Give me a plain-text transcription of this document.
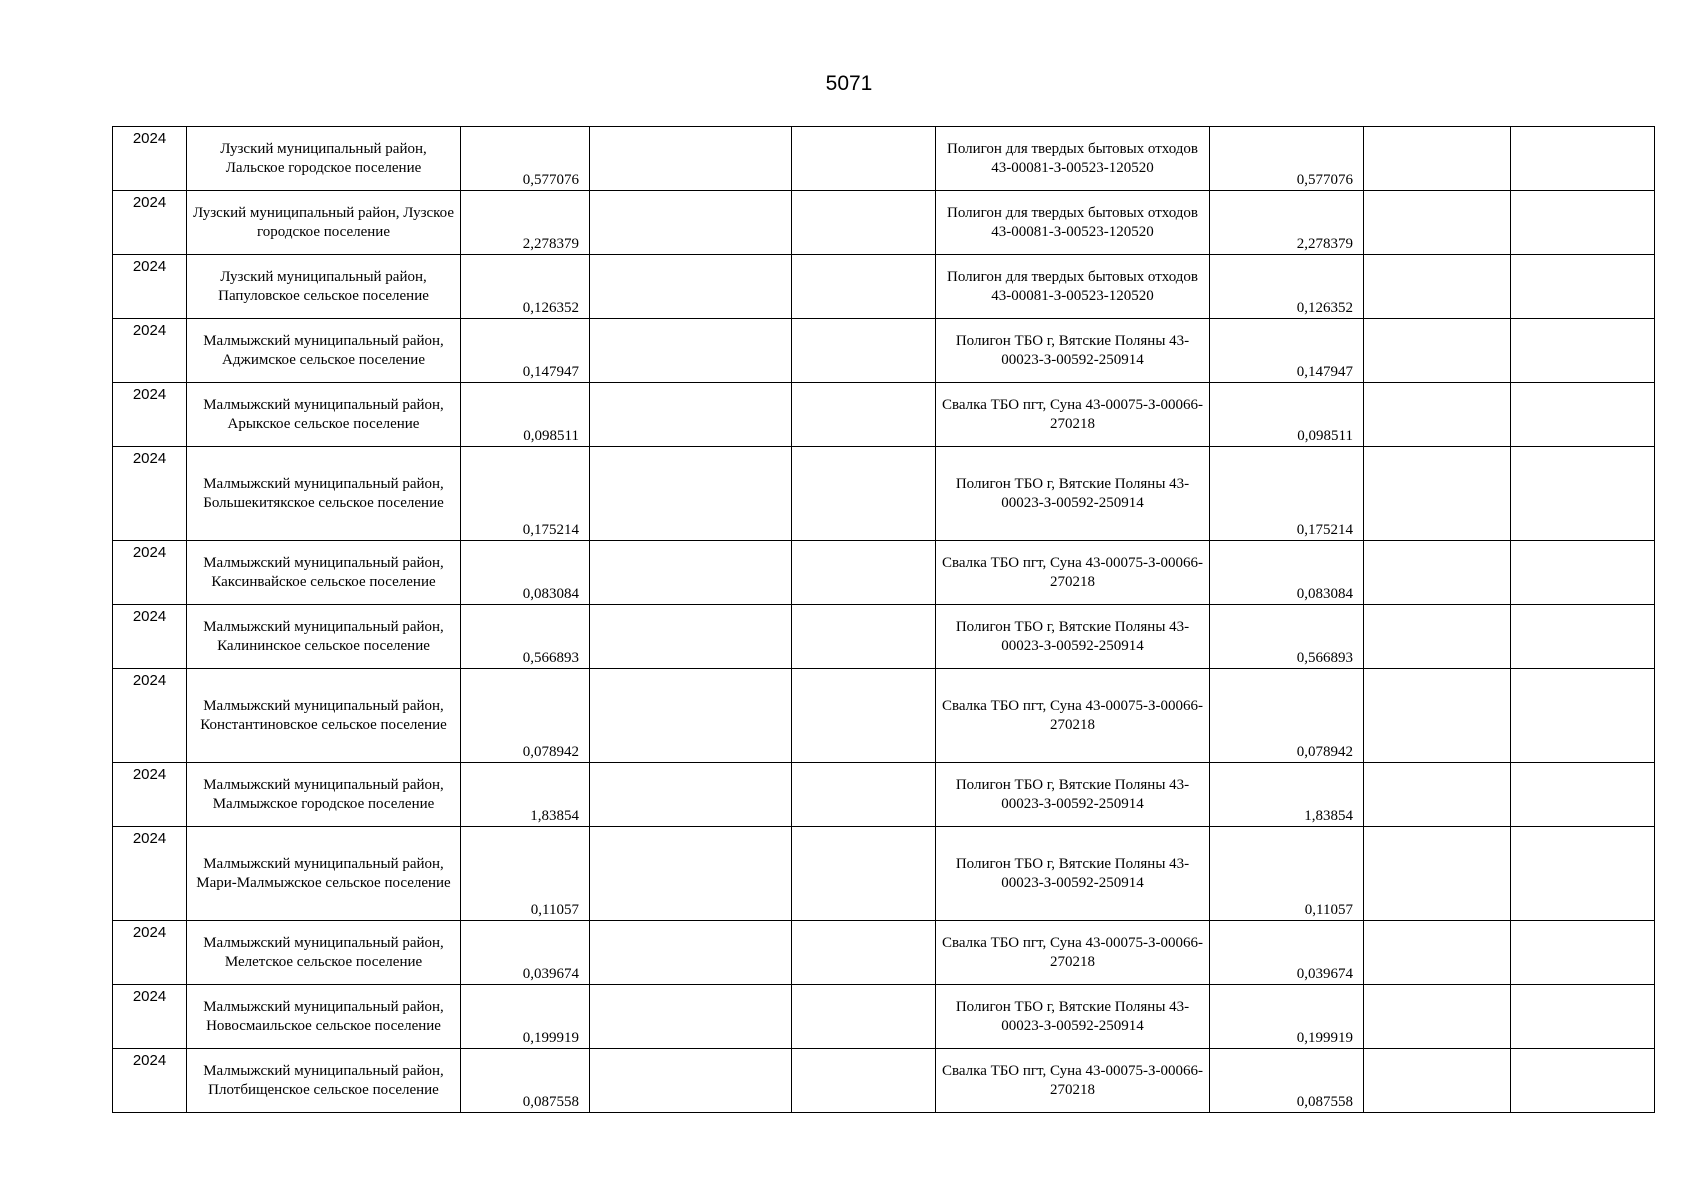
5071
2024	Лузский муниципальный район, Лальское городское поселение	0,577076			Полигон для твердых бытовых отходов 43-00081-З-00523-120520	0,577076		
2024	Лузский муниципальный район, Лузское городское поселение	2,278379			Полигон для твердых бытовых отходов 43-00081-З-00523-120520	2,278379		
2024	Лузский муниципальный район, Папуловское сельское поселение	0,126352			Полигон для твердых бытовых отходов 43-00081-З-00523-120520	0,126352		
2024	Малмыжский муниципальный район, Аджимское сельское поселение	0,147947			Полигон ТБО г, Вятские Поляны 43-00023-З-00592-250914	0,147947		
2024	Малмыжский муниципальный район, Арыкское сельское поселение	0,098511			Свалка ТБО пгт, Суна 43-00075-З-00066-270218	0,098511		
2024	Малмыжский муниципальный район, Большекитякское сельское поселение	0,175214			Полигон ТБО г, Вятские Поляны 43-00023-З-00592-250914	0,175214		
2024	Малмыжский муниципальный район, Каксинвайское сельское поселение	0,083084			Свалка ТБО пгт, Суна 43-00075-З-00066-270218	0,083084		
2024	Малмыжский муниципальный район, Калининское сельское поселение	0,566893			Полигон ТБО г, Вятские Поляны 43-00023-З-00592-250914	0,566893		
2024	Малмыжский муниципальный район, Константиновское сельское поселение	0,078942			Свалка ТБО пгт, Суна 43-00075-З-00066-270218	0,078942		
2024	Малмыжский муниципальный район, Малмыжское городское поселение	1,83854			Полигон ТБО г, Вятские Поляны 43-00023-З-00592-250914	1,83854		
2024	Малмыжский муниципальный район, Мари-Малмыжское сельское поселение	0,11057			Полигон ТБО г, Вятские Поляны 43-00023-З-00592-250914	0,11057		
2024	Малмыжский муниципальный район, Мелетское сельское поселение	0,039674			Свалка ТБО пгт, Суна 43-00075-З-00066-270218	0,039674		
2024	Малмыжский муниципальный район, Новосмаильское сельское поселение	0,199919			Полигон ТБО г, Вятские Поляны 43-00023-З-00592-250914	0,199919		
2024	Малмыжский муниципальный район, Плотбищенское сельское поселение	0,087558			Свалка ТБО пгт, Суна 43-00075-З-00066-270218	0,087558		
